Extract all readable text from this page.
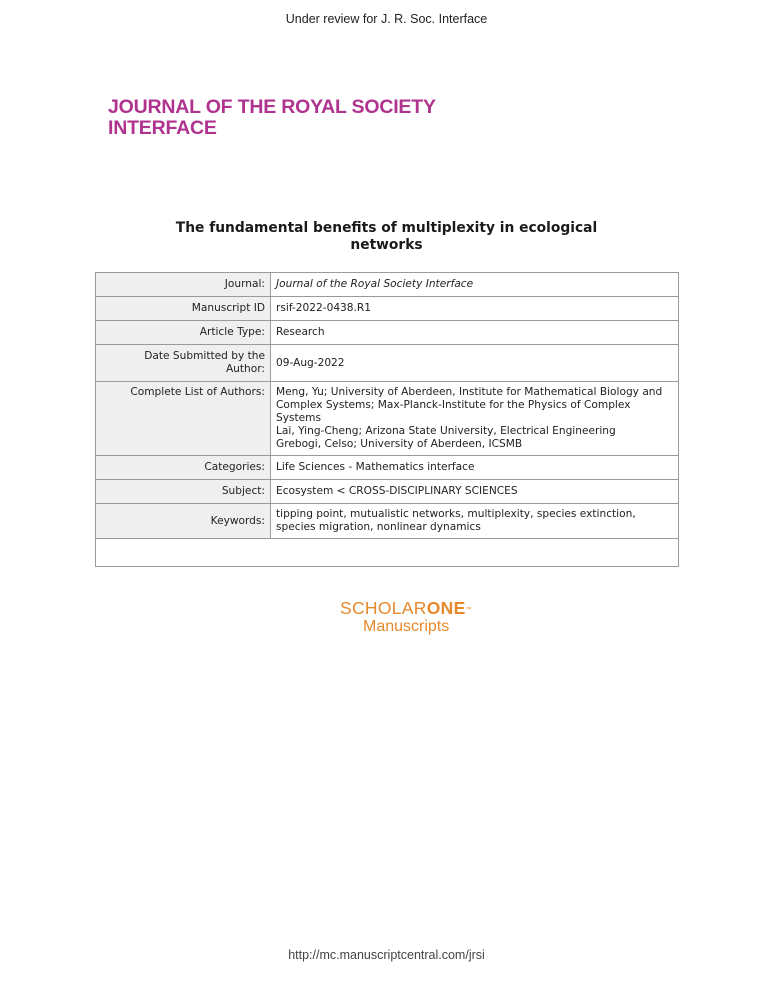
Under review for J. R. Soc. Interface
JOURNAL OF THE ROYAL SOCIETY
INTERFACE
The fundamental benefits of multiplexity in ecological
networks
Journal:	Journal of the Royal Society Interface
Manuscript ID	rsif-2022-0438.R1
Article Type:	Research

Date Submitted by the
Author:	09-Aug-2022
Complete List of Authors:	Meng, Yu; University of Aberdeen, Institute for Mathematical Biology and
Complex Systems; Max-Planck-Institute for the Physics of Complex
Systems
Lai, Ying-Cheng; Arizona State University, Electrical Engineering
Grebogi, Celso; University of Aberdeen, ICSMB

Categories:	Life Sciences - Mathematics interface
Subject:	Ecosystem < CROSS-DISCIPLINARY SCIENCES
Keywords:	tipping point, mutualistic networks, multiplexity, species extinction,
species migration, nonlinear dynamics

SCHOLARONE™
Manuscripts
http://mc.manuscriptcentral.com/jrsi
